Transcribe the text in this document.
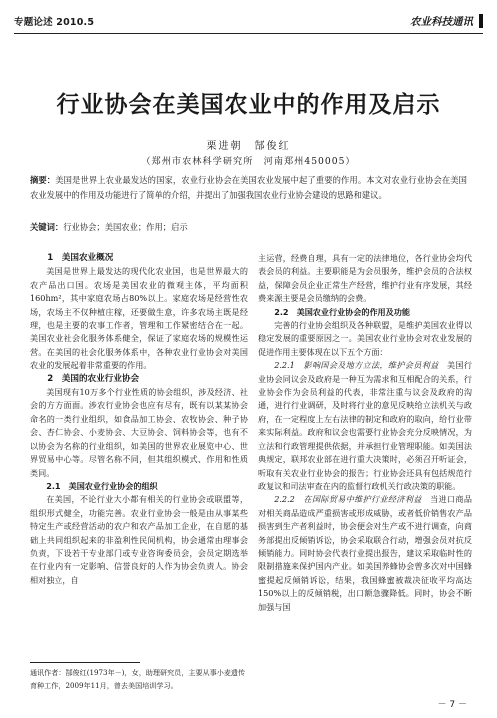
专题论述 2010.5	农业科技通讯
行业协会在美国农业中的作用及启示
栗进朝　郜俊红
（郑州市农林科学研究所　河南郑州450005）
摘要：美国是世界上农业最发达的国家，农业行业协会在美国农业发展中起了重要的作用。本文对农业行业协会在美国农业发展中的作用及功能进行了简单的介绍，并提出了加强我国农业行业协会建设的思路和建议。
关键词：行业协会；美国农业；作用；启示

1　美国农业概况

美国是世界上最发达的现代化农业国，也是世界最大的农产品出口国。农场是美国农业的微观主体，平均面积160hm²，其中家庭农场占80%以上。家庭农场是经营性农场，农场主不仅种植庄稼，还要做生意，许多农场主既是经理，也是主要的农事工作者，管理和工作紧密结合在一起。美国农业社会化服务体系健全，保证了家庭农场的规模性运营。在美国的社会化服务体系中，各种农业行业协会对美国农业的发展起着非常重要的作用。

2　美国的农业行业协会

美国现有10万多个行业性质的协会组织，涉及经济、社会的方方面面。涉农行业协会也应有尽有，既有以某某协会命名的一类行业组织，如食品加工协会、农牧协会、种子协会、杏仁协会、小麦协会、大豆协会、饲料协会等，也有不以协会为名称的行业组织，如美国的世界农业展览中心、世界贸易中心等。尽管名称不同，但其组织模式、作用和性质类同。

2.1　美国农业行业协会的组织

在美国，不论行业大小都有相关的行业协会或联盟等，组织形式健全，功能完善。农业行业协会一般是由从事某些特定生产或经营活动的农户和农产品加工企业，在自愿的基础上共同组织起来的非盈利性民间机构，协会通常由理事会负责，下设若干专业部门或专业咨询委员会，会员定期选举在行业内有一定影响、信誉良好的人作为协会负责人。协会相对独立，自

主运营，经费自理，具有一定的法律地位，各行业协会均代表会员的利益。主要职能是为会员服务，维护会员的合法权益，保障会员企业正常生产经营，维护行业有序发展，其经费来源主要是会员缴纳的会费。

2.2　美国农业行业协会的作用及功能

完善的行业协会组织及各种联盟，是维护美国农业得以稳定发展的重要原因之一。美国农业行业协会对农业发展的促进作用主要体现在以下五个方面：

2.2.1　影响国会及地方立法，维护会员利益　 美国行业协会同议会及政府是一种互为需求和互相配合的关系，行业协会作为会员利益的代表，非常注重与议会及政府的沟通，进行行业调研，及时将行业的意见反映给立法机关与政府，在一定程度上左右法律的制定和政府的取向，给行业带来实际利益。政府和议会也需要行业协会充分反映情况，为立法和行政管理提供依据，并承担行业管理职能。如美国法典规定，联邦农业部在进行重大决策时，必须召开听证会，听取有关农业行业协会的报告；行业协会还具有包括规范行政复议和司法审查在内的监督行政机关行政决策的职能。

2.2.2　在国际贸易中维护行业经济利益　 当进口商品对相关商品造成严重损害或形成威胁，或者低价销售农产品损害到生产者利益时，协会便会对生产或不进行调查，向商务部提出反倾销诉讼，协会采取联合行动，增强会员对抗反倾销能力。同时协会代表行业提出报告，建议采取临时性的限制措施来保护国内产业。如美国养蜂协会曾多次对中国蜂蜜提起反倾销诉讼，结果，我国蜂蜜被裁决征收平均高达150%以上的反倾销税，出口额急骤降低。同时，协会不断加强与国

通讯作者：郜俊红(1973年－)，女，助理研究员，主要从事小麦遗传育种工作，2009年11月，曾去美国培训学习。
－ 7 －
